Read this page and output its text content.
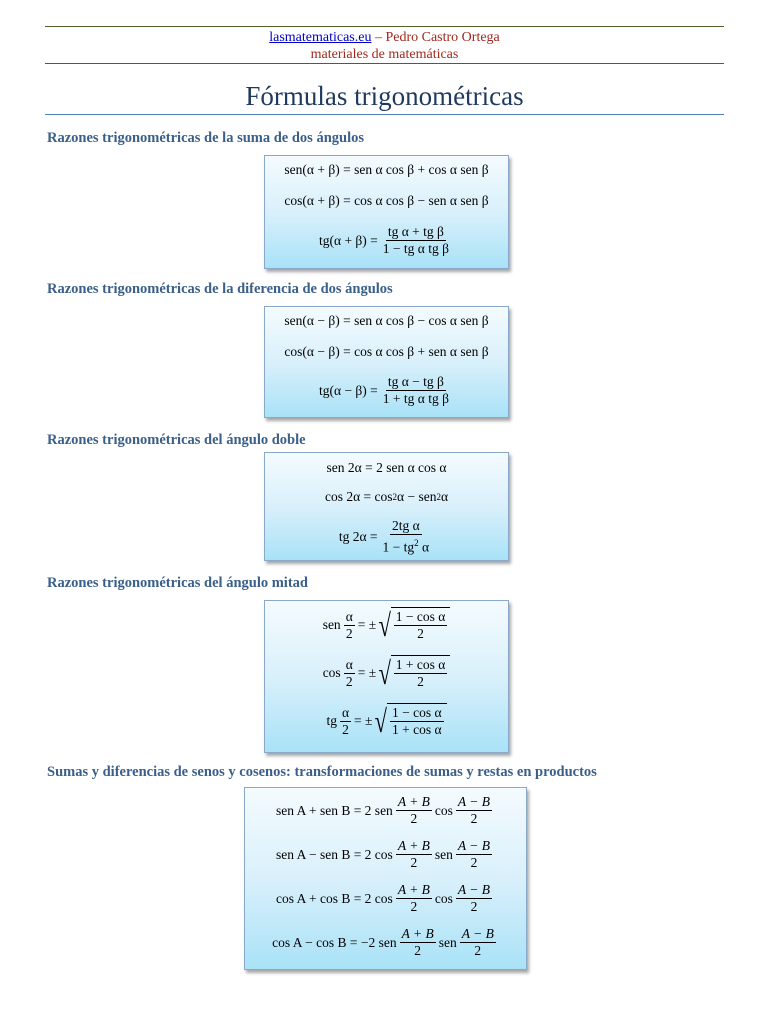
lasmatematicas.eu – Pedro Castro Ortega
materiales de matemáticas
Fórmulas trigonométricas
Razones trigonométricas de la suma de dos ángulos
sen(α + β) = sen α cos β + cos α sen β
cos(α + β) = cos α cos β − sen α sen β
$tg(\alpha + \beta) = \frac{\text{tg α + tg β}}{\text{1 − tg α tg β}}$
Razones trigonométricas de la diferencia de dos ángulos
sen(α − β) = sen α cos β − cos α sen β
cos(α − β) = cos α cos β + sen α sen β
$tg(\alpha - \beta) = \frac{\text{tg α − tg β}}{\text{1 + tg α tg β}}$
Razones trigonométricas del ángulo doble
sen 2α = 2 sen α cos α
cos 2α = cos 2 α − sen 2 α
tg $2\alpha = \frac{\text{2tg α}}{1 - tg^2 \alpha}$
Razones trigonométricas del ángulo mitad
sen $\frac{\alpha}{2}$ = ± √ $\frac{\text{1 − cos α}}{2}$
$\cos \frac{\alpha}{2}$ = ± √ $\frac{\text{1 + cos α}}{2}$
tg $\frac{\alpha}{2}$ = ± √ $\frac{\text{1 − cos α}}{\text{1 + cos α}}$
Sumas y diferencias de senos y cosenos: transformaciones de sumas y restas en productos
sen A + sen B = 2 sen $\frac{A + B}{2}$ $\cos \frac{A - B}{2}$
sen A − sen B = 2 $\cos \frac{A + B}{2}$ sen $\frac{A - B}{2}$
cos A + cos B = 2 $\cos \frac{A + B}{2}$ $\cos \frac{A - B}{2}$
cos A − cos B = −2 sen $\frac{A + B}{2}$ sen $\frac{A - B}{2}$
